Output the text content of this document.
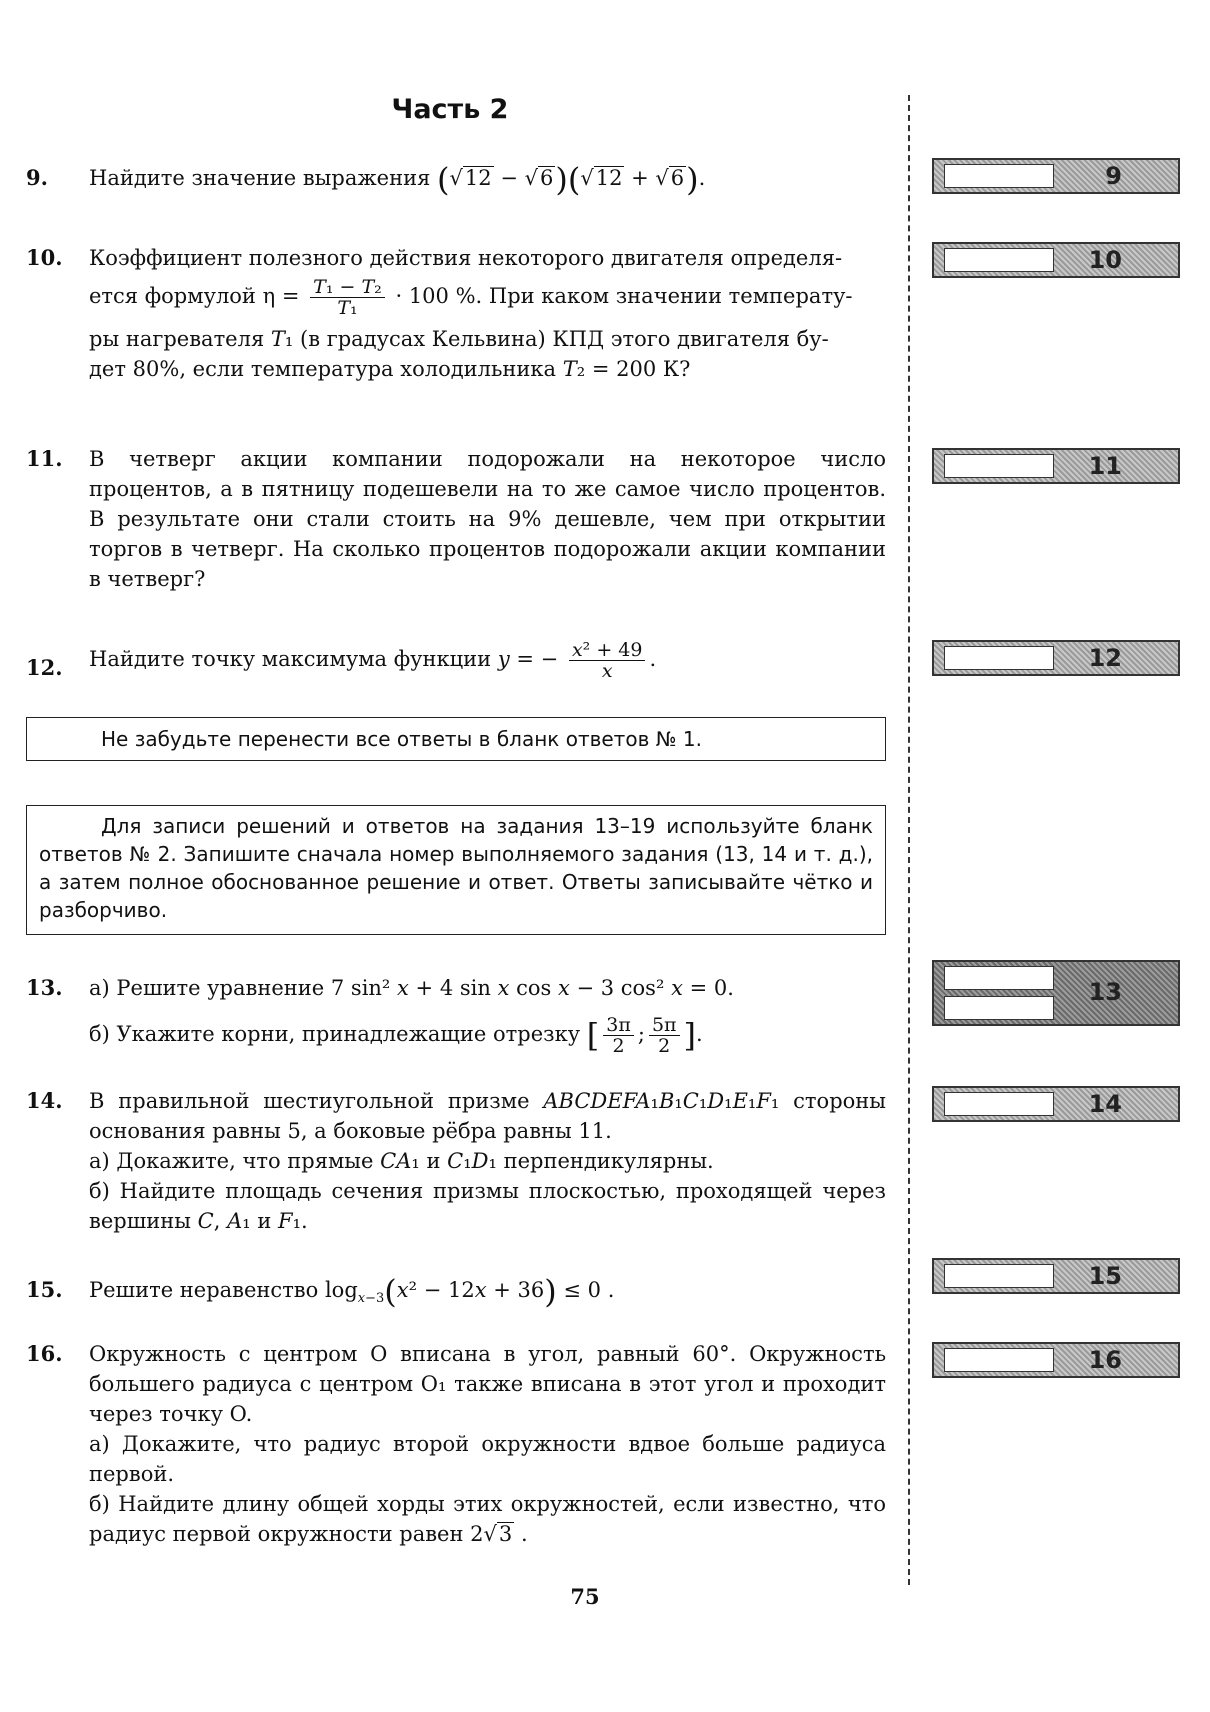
Часть 2
9.	Найдите значение выражения (√12 − √6)(√12 + √6).
10.	Коэффициент полезного действия некоторого двигателя определя-

ется формулой $\eta = \frac{\text{T₁ − T₂}}{\text{T₁}} \cdot 100$ %. При каком значении температу-

ры нагревателя T₁ (в градусах Кельвина) КПД этого двигателя бу-

дет 80%, если температура холодильника T₂ = 200 К?

11.	В четверг акции компании подорожали на некоторое число процентов, а в пятницу подешевели на то же самое число процентов. В результате они стали стоить на 9% дешевле, чем при открытии торгов в четверг. На сколько процентов подорожали акции компании в четверг?

12.	Найдите точку максимума функции y = − $\frac{\text{x² + 49}}{x}$ .
Не забудьте перенести все ответы в бланк ответов № 1.
Для записи решений и ответов на задания 13–19 используйте бланк ответов № 2. Запишите сначала номер выполняемого задания (13, 14 и т. д.), а затем полное обоснованное решение и ответ. Ответы записывайте чётко и разборчиво.
13.	а) Решите уравнение 7 sin² x + 4 sin x cos x − 3 cos² x = 0.

б) Укажите корни, принадлежащие отрезку [ $\frac{3\pi}{2}$ ; $\frac{5\pi}{2}$ ].

14.	В правильной шестиугольной призме ABCDEFA₁B₁C₁D₁E₁F₁ стороны основания равны 5, а боковые рёбра равны 11.

а) Докажите, что прямые CA₁ и C₁D₁ перпендикулярны.

б) Найдите площадь сечения призмы плоскостью, проходящей через вершины C, A₁ и F₁.

15.	Решите неравенство $\log_{x-3}(x^2 - 12x + 36) \le 0$ .
16.	Окружность с центром O вписана в угол, равный 60°. Окружность большего радиуса с центром O₁ также вписана в этот угол и проходит через точку O.

а) Докажите, что радиус второй окружности вдвое больше радиуса первой.

б) Найдите длину общей хорды этих окружностей, если известно, что радиус первой окружности равен 2√3 .

9
10
11
12
13
14
15
16
75
